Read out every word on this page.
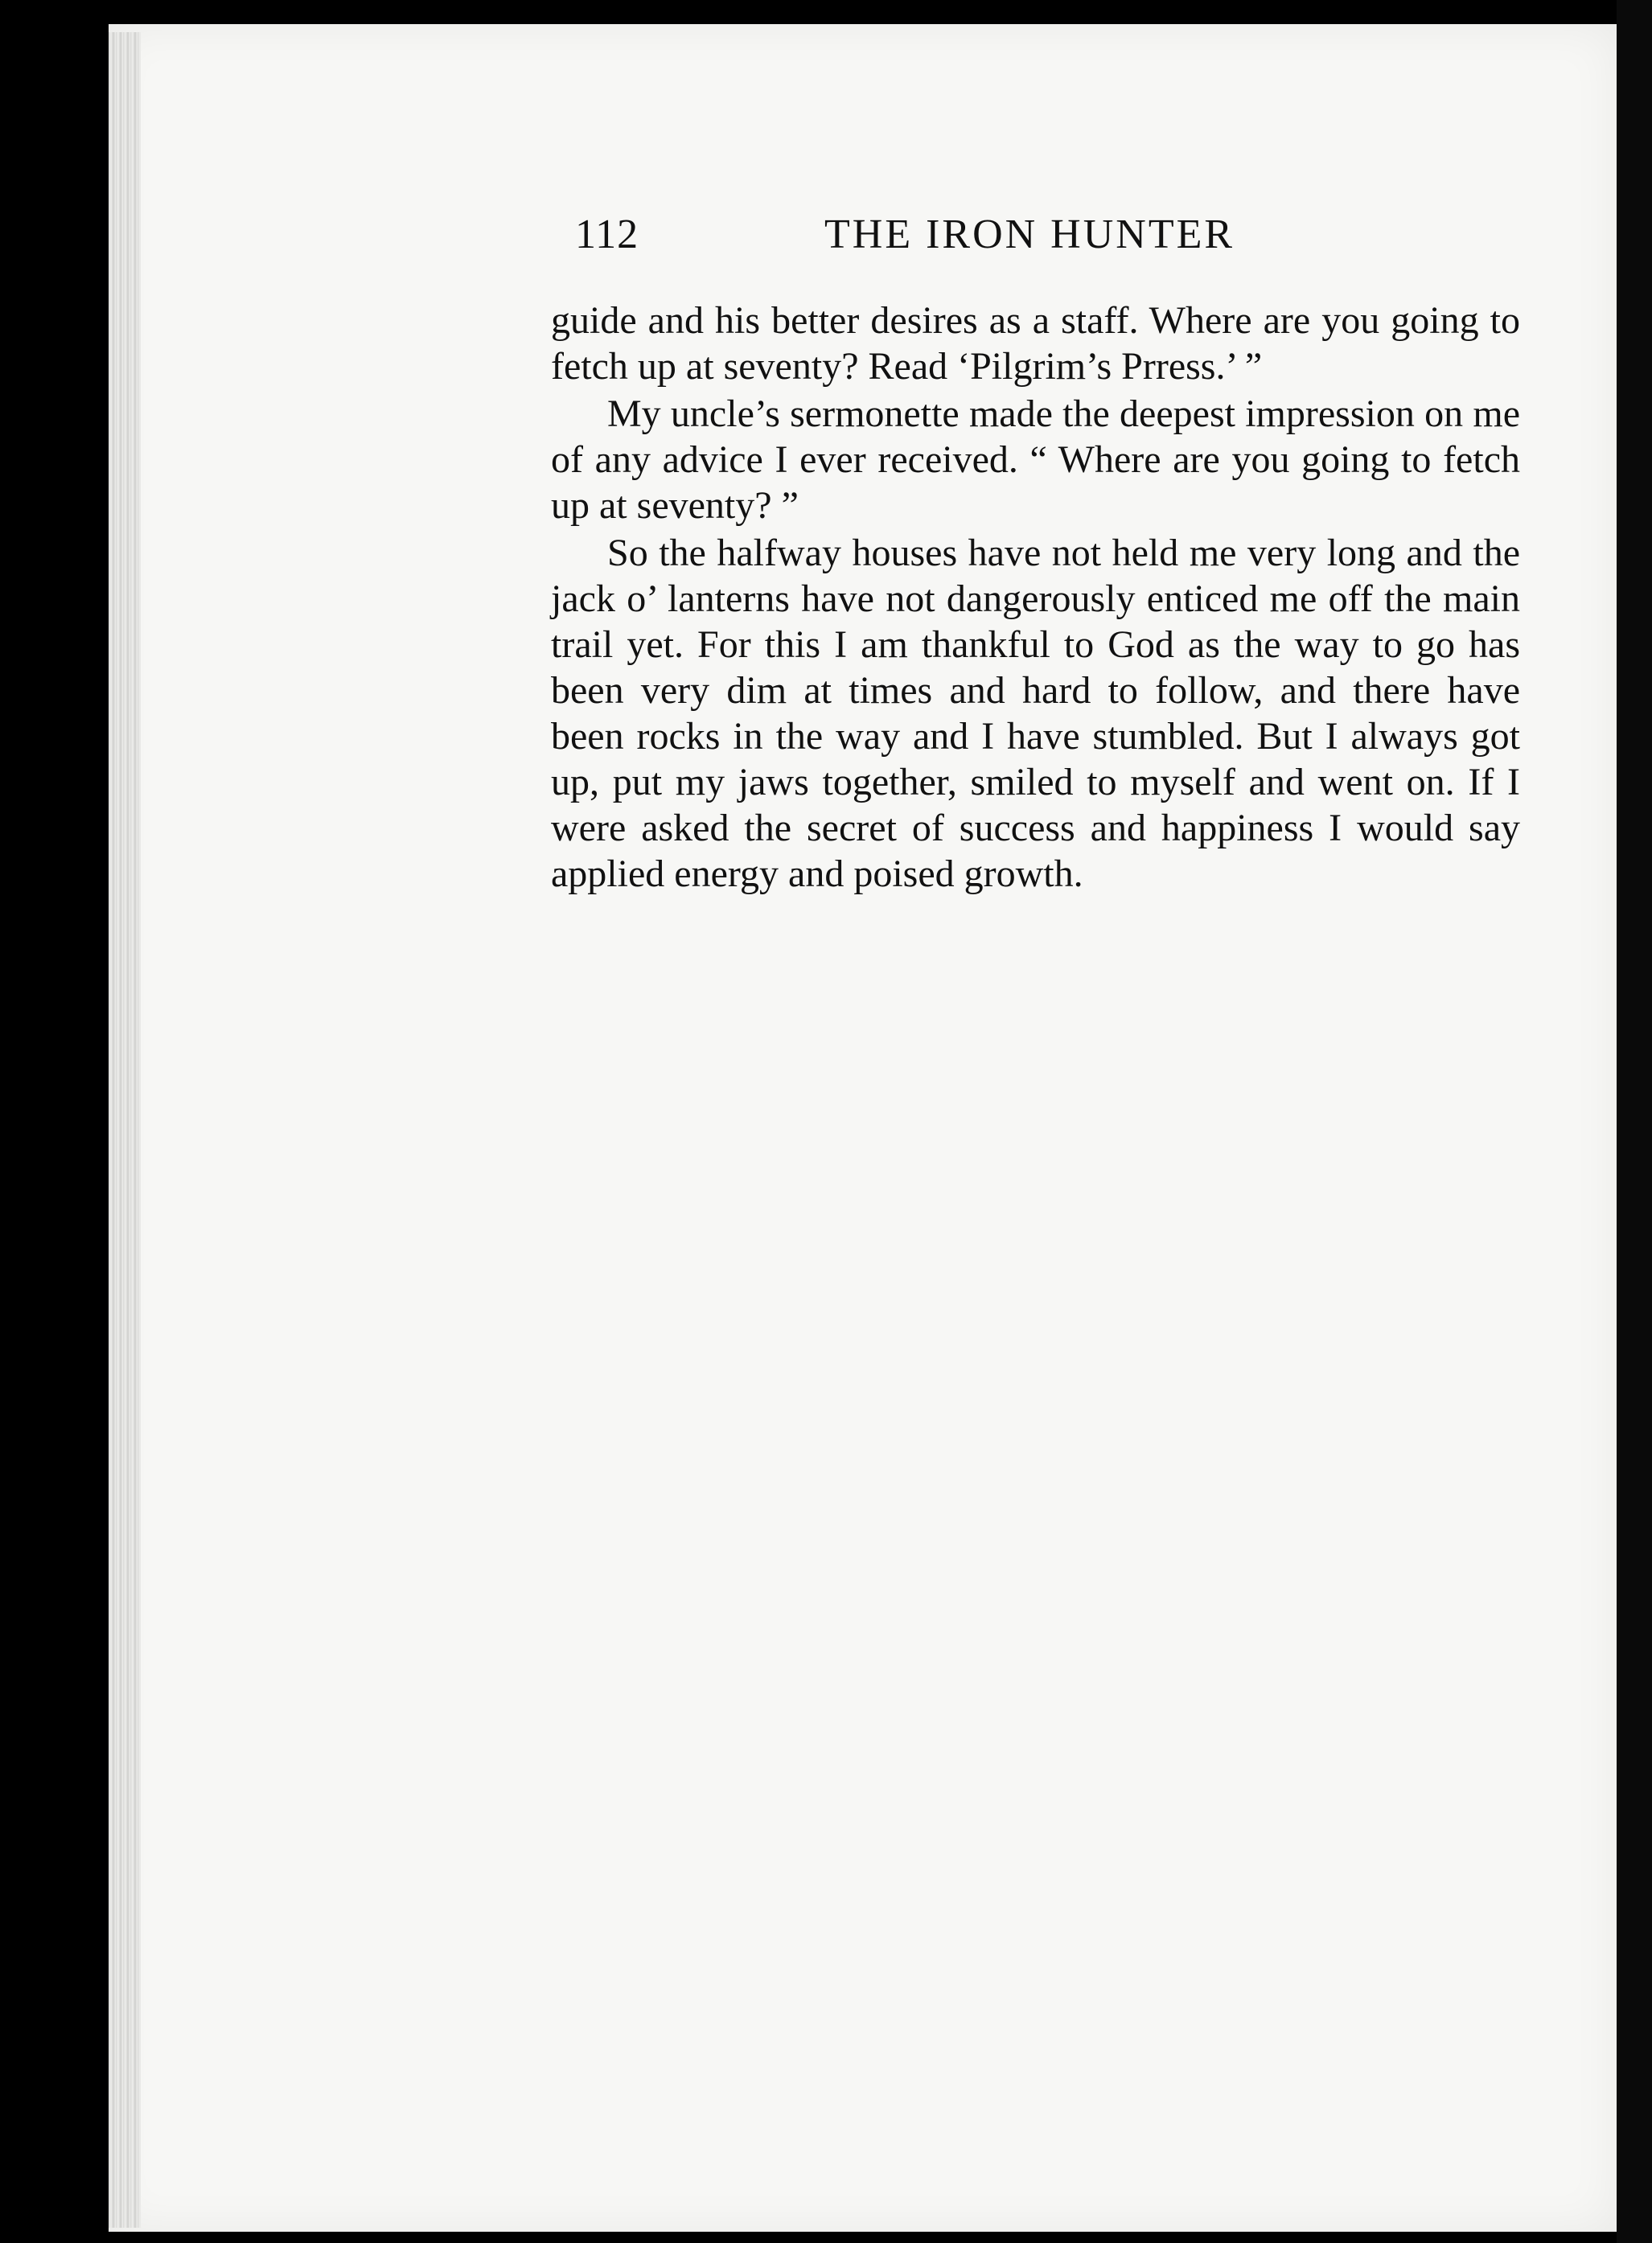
112	THE IRON HUNTER

guide and his better desires as a staff. Where are you going to fetch up at seventy? Read ‘Pilgrim’s Prress.’ ”

My uncle’s sermonette made the deepest impression on me of any advice I ever received. “ Where are you going to fetch up at seventy? ”

So the halfway houses have not held me very long and the jack o’ lanterns have not dangerously enticed me off the main trail yet. For this I am thankful to God as the way to go has been very dim at times and hard to follow, and there have been rocks in the way and I have stumbled. But I always got up, put my jaws together, smiled to myself and went on. If I were asked the secret of success and happiness I would say applied energy and poised growth.
